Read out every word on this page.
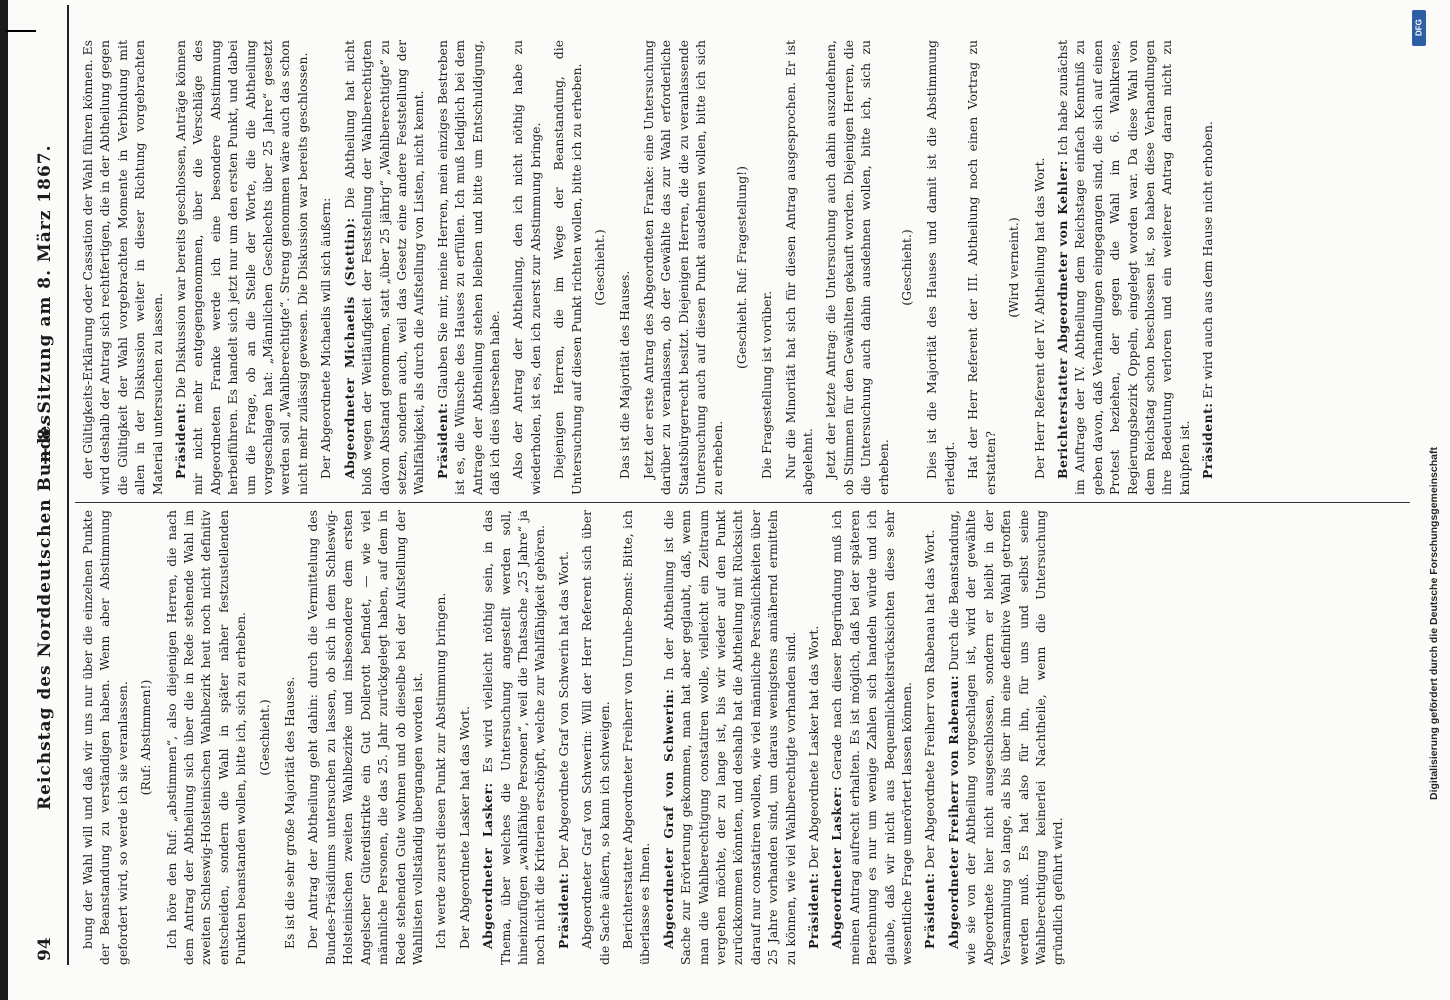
94
Reichstag des Norddeutschen Bundes.
— 8. Sitzung am 8. März 1867.

bung der Wahl will und daß wir uns nur über die einzelnen Punkte der Beanstandung zu verständigen haben. Wenn aber Abstimmung gefordert wird, so werde ich sie veranlassen. (Ruf: Abstimmen!) Ich höre den Ruf: „abstimmen“, also diejenigen Herren, die nach dem Antrag der Abtheilung sich über die in Rede stehende Wahl im zweiten Schleswig-Holsteinischen Wahlbezirk heut noch nicht definitiv entscheiden, sondern die Wahl in später näher festzustellenden Punkten beanstanden wollen, bitte ich, sich zu erheben. (Geschieht.) Es ist die sehr große Majorität des Hauses. Der Antrag der Abtheilung geht dahin: durch die Vermittelung des Bundes-Präsidiums untersuchen zu lassen, ob sich in dem Schleswig-Holsteinischen zweiten Wahlbezirke und insbesondere dem ersten Angelscher Güterdistrikte ein Gut Dollerott befindet, — wie viel männliche Personen, die das 25. Jahr zurückgelegt haben, auf dem in Rede stehenden Gute wohnen und ob dieselbe bei der Aufstellung der Wahllisten vollständig übergangen worden ist. Ich werde zuerst diesen Punkt zur Abstimmung bringen. Der Abgeordnete Lasker hat das Wort. Abgeordneter Lasker: Es wird vielleicht nöthig sein, in das Thema, über welches die Untersuchung angestellt werden soll, hineinzufügen „wahlfähige Personen“, weil die Thatsache „25 Jahre“ ja noch nicht die Kriterien erschöpft, welche zur Wahlfähigkeit gehören. Präsident: Der Abgeordnete Graf von Schwerin hat das Wort. Abgeordneter Graf von Schwerin: Will der Herr Referent sich über die Sache äußern, so kann ich schweigen. Berichterstatter Abgeordneter Freiherr von Unruhe-Bomst: Bitte, ich überlasse es Ihnen. Abgeordneter Graf von Schwerin: In der Abtheilung ist die Sache zur Erörterung gekommen, man hat aber geglaubt, daß, wenn man die Wahlberechtigung constatiren wolle, vielleicht ein Zeitraum vergehen möchte, der zu lange ist, bis wir wieder auf den Punkt zurückkommen könnten, und deshalb hat die Abtheilung mit Rücksicht darauf nur constatiren wollen, wie viel männliche Persönlichkeiten über 25 Jahre vorhanden sind, um daraus wenigstens annähernd ermitteln zu können, wie viel Wahlberechtigte vorhanden sind. Präsident: Der Abgeordnete Lasker hat das Wort. Abgeordneter Lasker: Gerade nach dieser Begründung muß ich meinen Antrag aufrecht erhalten. Es ist möglich, daß bei der späteren Berechnung es nur um wenige Zahlen sich handeln würde und ich glaube, daß wir nicht aus Bequemlichkeitsrücksichten diese sehr wesentliche Frage unerörtert lassen können. Präsident: Der Abgeordnete Freiherr von Rabenau hat das Wort. Abgeordneter Freiherr von Rabenau: Durch die Beanstandung, wie sie von der Abtheilung vorgeschlagen ist, wird der gewählte Abgeordnete hier nicht ausgeschlossen, sondern er bleibt in der Versammlung so lange, als bis über ihn eine definitive Wahl getroffen werden muß. Es hat also für ihn, für uns und selbst seine Wahlberechtigung keinerlei Nachtheile, wenn die Untersuchung gründlich geführt wird.

der Gültigkeits-Erklärung oder Cassation der Wahl führen können. Es wird deshalb der Antrag sich rechtfertigen, die in der Abtheilung gegen die Gültigkeit der Wahl vorgebrachten Momente in Verbindung mit allen in der Diskussion weiter in dieser Richtung vorgebrachten Material untersuchen zu lassen. Präsident: Die Diskussion war bereits geschlossen, Anträge können mir nicht mehr entgegengenommen, über die Verschläge des Abgeordneten Franke werde ich eine besondere Abstimmung herbeiführen. Es handelt sich jetzt nur um den ersten Punkt, und dabei um die Frage, ob an die Stelle der Worte, die die Abtheilung vorgeschlagen hat: „Männlichen Geschlechts über 25 Jahre“ gesetzt werden soll „Wahlberechtigte“. Streng genommen wäre auch das schon nicht mehr zulässig gewesen. Die Diskussion war bereits geschlossen. Der Abgeordnete Michaelis will sich äußern: Abgeordneter Michaelis (Stettin): Die Abtheilung hat nicht bloß wegen der Weitläufigkeit der Feststellung der Wahlberechtigten davon Abstand genommen, statt „über 25 jährig“ „Wahlberechtigte“ zu setzen, sondern auch, weil das Gesetz eine andere Feststellung der Wahlfähigkeit, als durch die Aufstellung von Listen, nicht kennt. Präsident: Glauben Sie mir, meine Herren, mein einziges Bestreben ist es, die Wünsche des Hauses zu erfüllen. Ich muß lediglich bei dem Antrage der Abtheilung stehen bleiben und bitte um Entschuldigung, daß ich dies übersehen habe. Also der Antrag der Abtheilung, den ich nicht nöthig habe zu wiederholen, ist es, den ich zuerst zur Abstimmung bringe. Diejenigen Herren, die im Wege der Beanstandung, die Untersuchung auf diesen Punkt richten wollen, bitte ich zu erheben. (Geschieht.)

Das ist die Majorität des Hauses. Jetzt der erste Antrag des Abgeordneten Franke: eine Untersuchung darüber zu veranlassen, ob der Gewählte das zur Wahl erforderliche Staatsbürgerrecht besitzt. Diejenigen Herren, die die zu veranlassende Untersuchung auch auf diesen Punkt ausdehnen wollen, bitte ich sich zu erheben.

(Geschieht. Ruf: Fragestellung!)

Die Fragestellung ist vorüber. Nur die Minorität hat sich für diesen Antrag ausgesprochen. Er ist abgelehnt. Jetzt der letzte Antrag: die Untersuchung auch dahin auszudehnen, ob Stimmen für den Gewählten gekauft worden. Diejenigen Herren, die die Untersuchung auch dahin ausdehnen wollen, bitte ich, sich zu erheben.

(Geschieht.) Dies ist die Majorität des Hauses und damit ist die Abstimmung erledigt. Hat der Herr Referent der III. Abtheilung noch einen Vortrag zu erstatten?

(Wird verneint.) Der Herr Referent der IV. Abtheilung hat das Wort. Berichterstatter Abgeordneter von Kehler: Ich habe zunächst im Auftrage der IV. Abtheilung dem Reichstage einfach Kenntniß zu geben davon, daß Verhandlungen eingegangen sind, die sich auf einen Protest beziehen, der gegen die Wahl im 6. Wahlkreise, Regierungsbezirk Oppeln, eingelegt worden war. Da diese Wahl von dem Reichstag schon beschlossen ist, so haben diese Verhandlungen ihre Bedeutung verloren und ein weiterer Antrag daran nicht zu knüpfen ist. Präsident: Er wird auch aus dem Hause nicht erhoben.

Digitalisierung gefördert durch die Deutsche Forschungsgemeinschaft
DFG
